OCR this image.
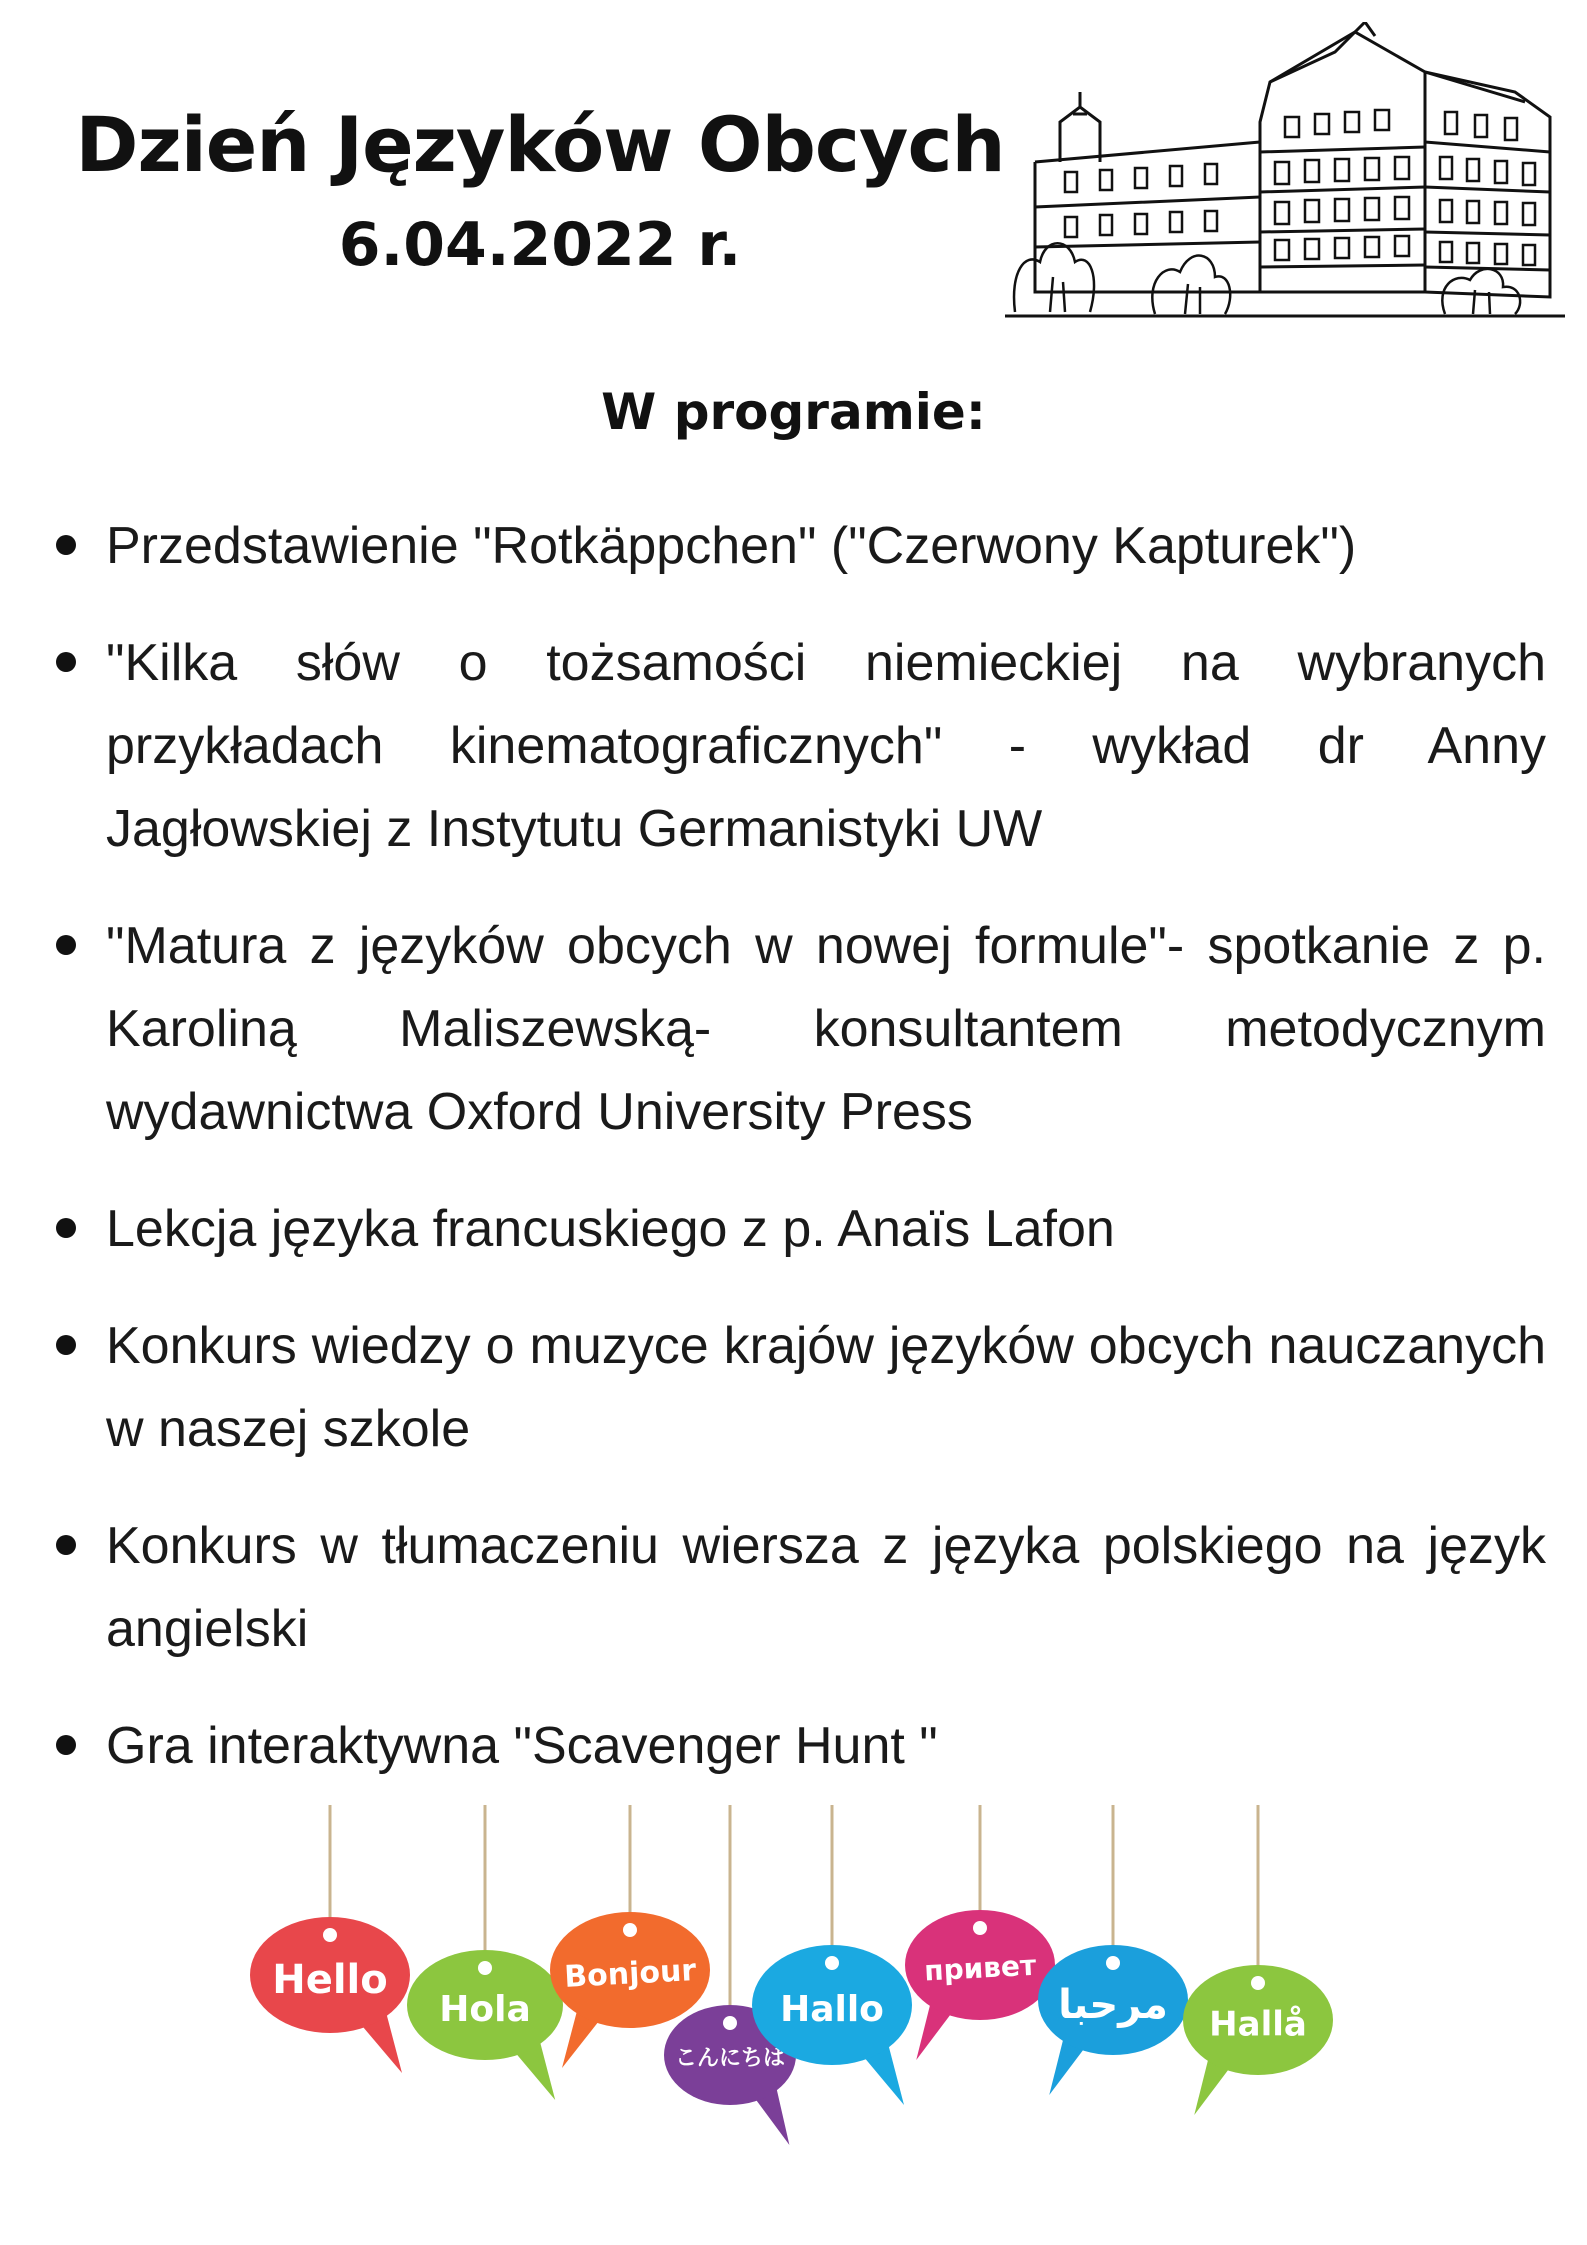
Dzień Języków Obcych
6.04.2022 r.
W programie:
Przedstawienie "Rotkäppchen" ("Czerwony Kapturek")
"Kilka słów o tożsamości niemieckiej na wybranych przykładach kinematograficznych" - wykład dr Anny Jagłowskiej z Instytutu Germanistyki UW
"Matura z języków obcych w nowej formule"- spotkanie z p. Karoliną Maliszewską- konsultantem metodycznym wydawnictwa Oxford University Press
Lekcja języka francuskiego z p. Anaïs Lafon
Konkurs wiedzy o muzyce krajów języków obcych nauczanych w naszej szkole
Konkurs w tłumaczeniu wiersza z języka polskiego na język angielski
Gra interaktywna "Scavenger Hunt "
Hello
Hola
Bonjour
こんにちは
Hallo
привет
مرحبا Hallå
